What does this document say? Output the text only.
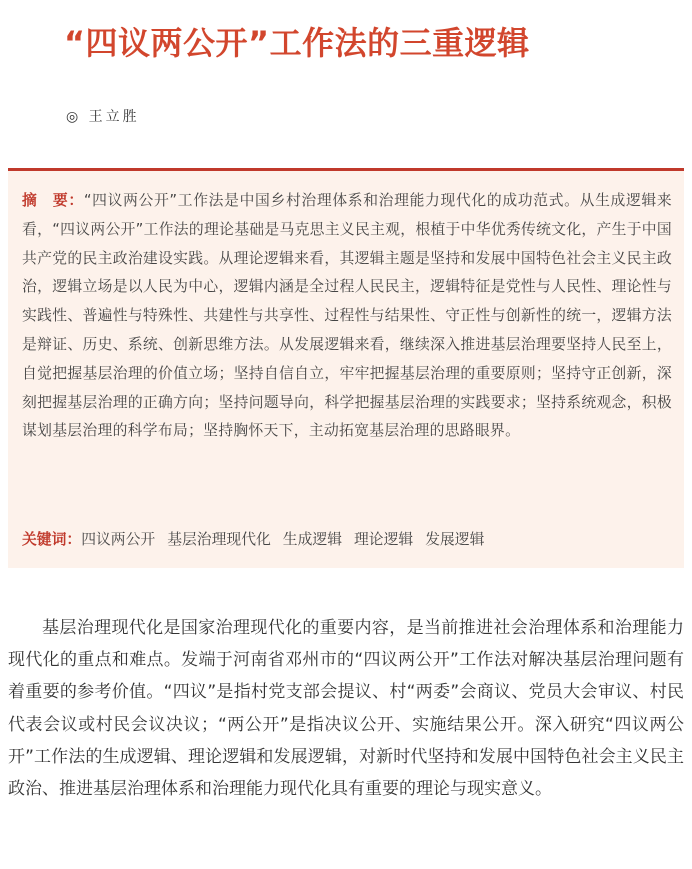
“四议两公开”工作法的三重逻辑
◎ 王立胜
摘　要：“四议两公开”工作法是中国乡村治理体系和治理能力现代化的成功范式。从生成逻辑来看，“四议两公开”工作法的理论基础是马克思主义民主观，根植于中华优秀传统文化，产生于中国共产党的民主政治建设实践。从理论逻辑来看，其逻辑主题是坚持和发展中国特色社会主义民主政治，逻辑立场是以人民为中心，逻辑内涵是全过程人民民主，逻辑特征是党性与人民性、理论性与实践性、普遍性与特殊性、共建性与共享性、过程性与结果性、守正性与创新性的统一，逻辑方法是辩证、历史、系统、创新思维方法。从发展逻辑来看，继续深入推进基层治理要坚持人民至上，自觉把握基层治理的价值立场；坚持自信自立，牢牢把握基层治理的重要原则；坚持守正创新，深刻把握基层治理的正确方向；坚持问题导向，科学把握基层治理的实践要求；坚持系统观念，积极谋划基层治理的科学布局；坚持胸怀天下，主动拓宽基层治理的思路眼界。
关键词：四议两公开 基层治理现代化 生成逻辑 理论逻辑 发展逻辑

基层治理现代化是国家治理现代化的重要内容，是当前推进社会治理体系和治理能力现代化的重点和难点。发端于河南省邓州市的“四议两公开”工作法对解决基层治理问题有着重要的参考价值。“四议”是指村党支部会提议、村“两委”会商议、党员大会审议、村民代表会议或村民会议决议；“两公开”是指决议公开、实施结果公开。深入研究“四议两公开”工作法的生成逻辑、理论逻辑和发展逻辑，对新时代坚持和发展中国特色社会主义民主政治、推进基层治理体系和治理能力现代化具有重要的理论与现实意义。
